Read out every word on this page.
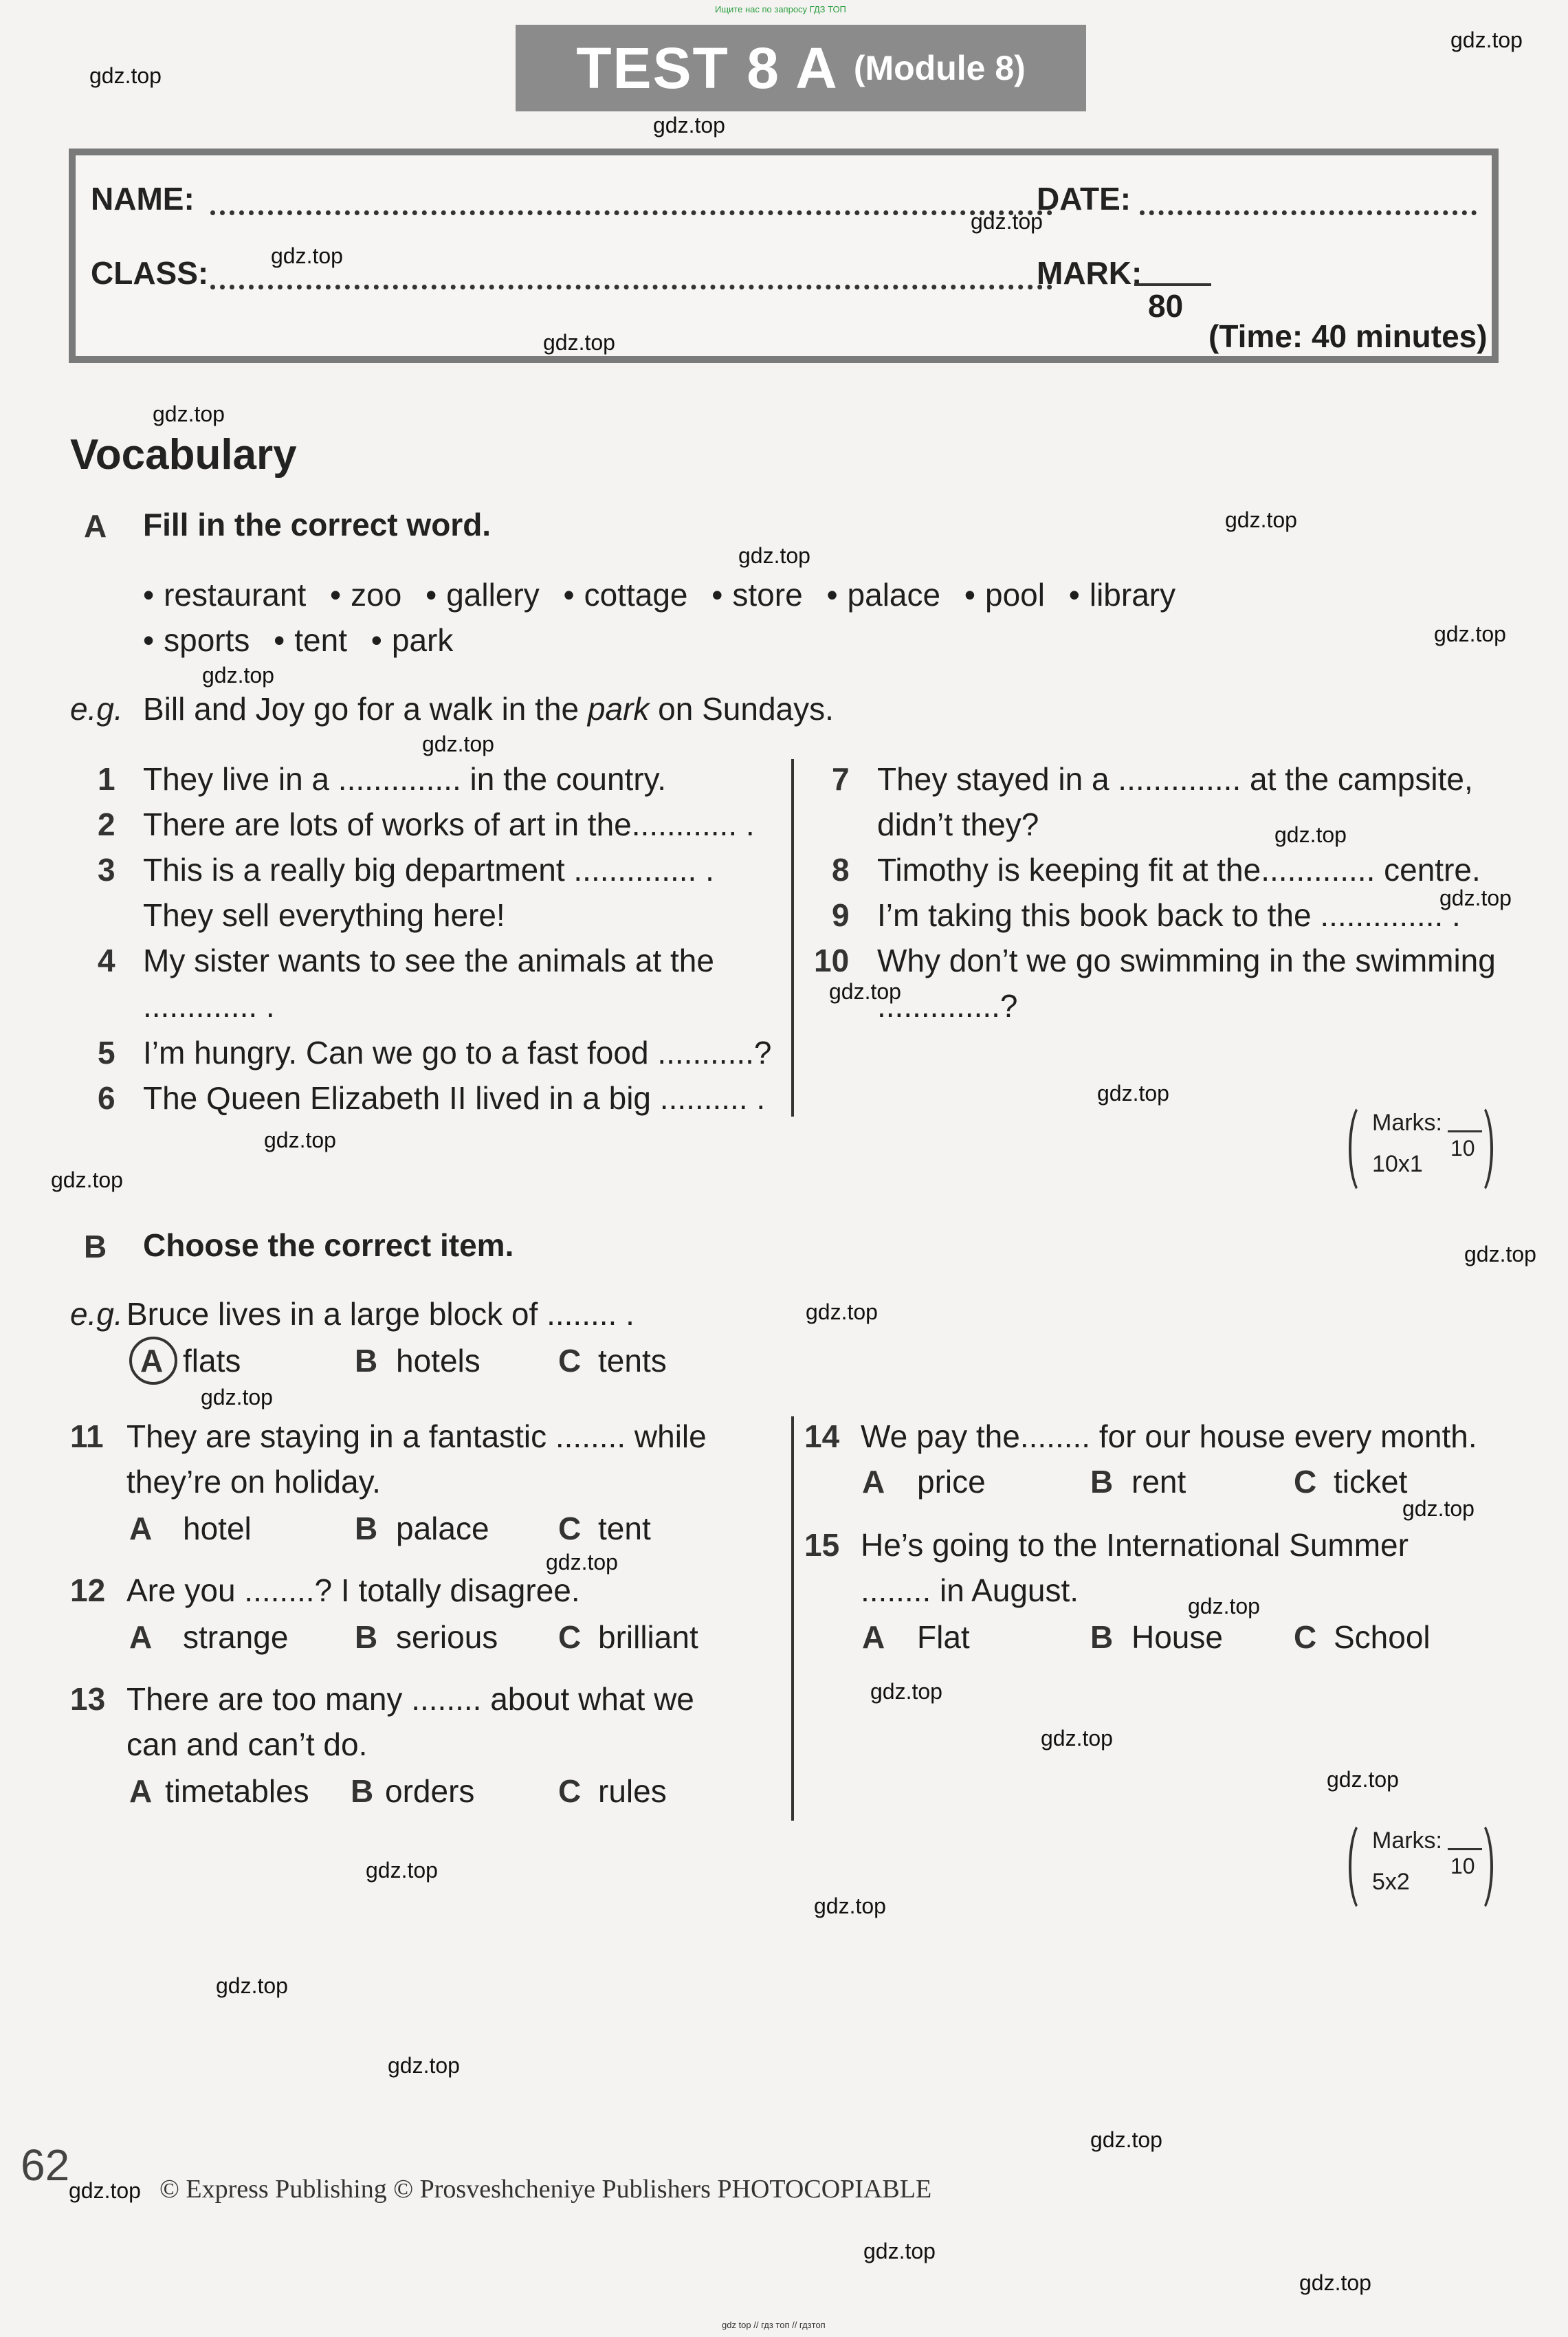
Ищите нас по запросу ГДЗ ТОП
gdz top // гдз топ // гдзтоп
TEST 8 A (Module 8)
NAME:	DATE:
CLASS:	MARK:
80
(Time: 40 minutes)
Vocabulary
A Fill in the correct word.
• restaurant • zoo • gallery • cottage • store • palace • pool • library
• sports • tent • park
e.g. Bill and Joy go for a walk in the park on Sundays.
1 They live in a .............. in the country.
2 There are lots of works of art in the............ .
3 This is a really big department .............. .
They sell everything here!
4 My sister wants to see the animals at the
............. .
5 I’m hungry. Can we go to a fast food ...........?
6 The Queen Elizabeth II lived in a big .......... .
7 They stayed in a .............. at the campsite,
didn’t they?
8 Timothy is keeping fit at the............. centre.
9 I’m taking this book back to the .............. .
10 Why don’t we go swimming in the swimming
..............?
Marks:
10
10x1
B Choose the correct item.
e.g. Bruce lives in a large block of ........ .
A flats	B hotels C tents
11 They are staying in a fantastic ........ while
they’re on holiday.
A hotel	B palace C tent
12 Are you ........? I totally disagree.
A strange B serious C brilliant
13 There are too many ........ about what we
can and can’t do.
A timetables B orders	C rules
14 We pay the........ for our house every month.
A price	B rent	C ticket
15 He’s going to the International Summer
........ in August.
A Flat	B House C School
Marks:
10
5x2
62	© Express Publishing © Prosveshcheniye Publishers PHOTOCOPIABLE
gdz.top
gdz.top
gdz.top
gdz.top
gdz.top
gdz.top
gdz.top
gdz.top
gdz.top
gdz.top
gdz.top
gdz.top
gdz.top
gdz.top
gdz.top
gdz.top
gdz.top
gdz.top
gdz.top
gdz.top
gdz.top
gdz.top
gdz.top
gdz.top
gdz.top
gdz.top
gdz.top
gdz.top
gdz.top
gdz.top
gdz.top
gdz.top
gdz.top
gdz.top
gdz.top
